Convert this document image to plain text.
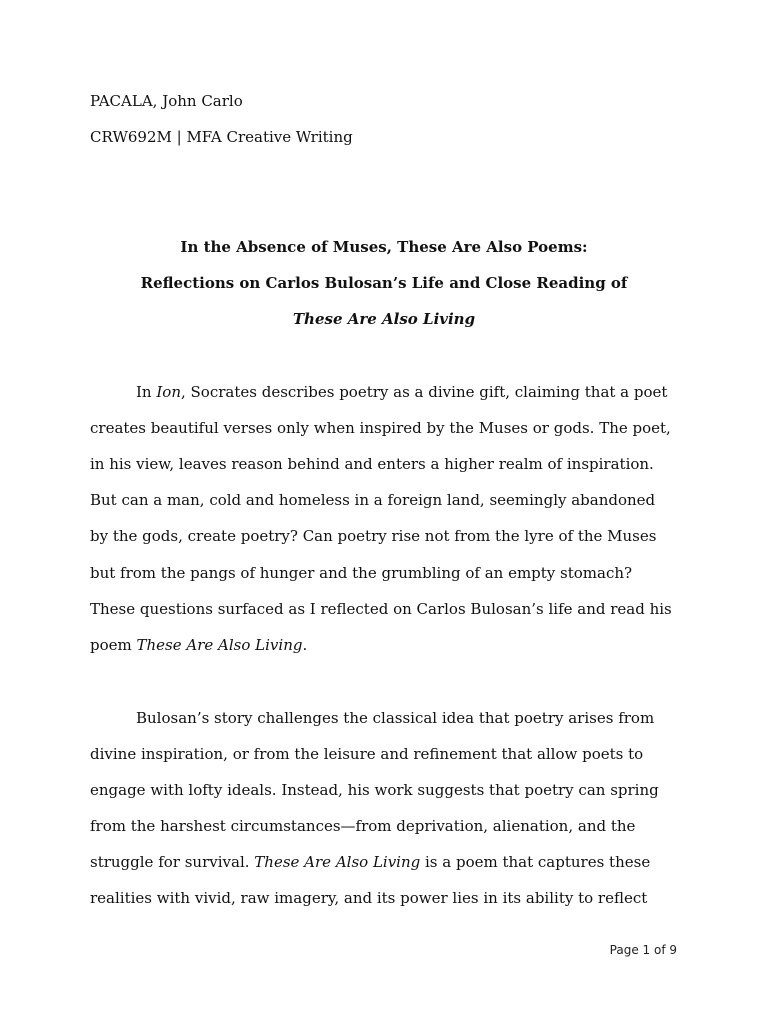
PACALA, John Carlo
CRW692M | MFA Creative Writing
In the Absence of Muses, These Are Also Poems:
Reflections on Carlos Bulosan’s Life and Close Reading of
These Are Also Living
In Ion, Socrates describes poetry as a divine gift, claiming that a poet
creates beautiful verses only when inspired by the Muses or gods. The poet,
in his view, leaves reason behind and enters a higher realm of inspiration.
But can a man, cold and homeless in a foreign land, seemingly abandoned
by the gods, create poetry? Can poetry rise not from the lyre of the Muses
but from the pangs of hunger and the grumbling of an empty stomach?
These questions surfaced as I reflected on Carlos Bulosan’s life and read his
poem These Are Also Living.
Bulosan’s story challenges the classical idea that poetry arises from
divine inspiration, or from the leisure and refinement that allow poets to
engage with lofty ideals. Instead, his work suggests that poetry can spring
from the harshest circumstances—from deprivation, alienation, and the
struggle for survival. These Are Also Living is a poem that captures these
realities with vivid, raw imagery, and its power lies in its ability to reflect
Page 1 of 9
